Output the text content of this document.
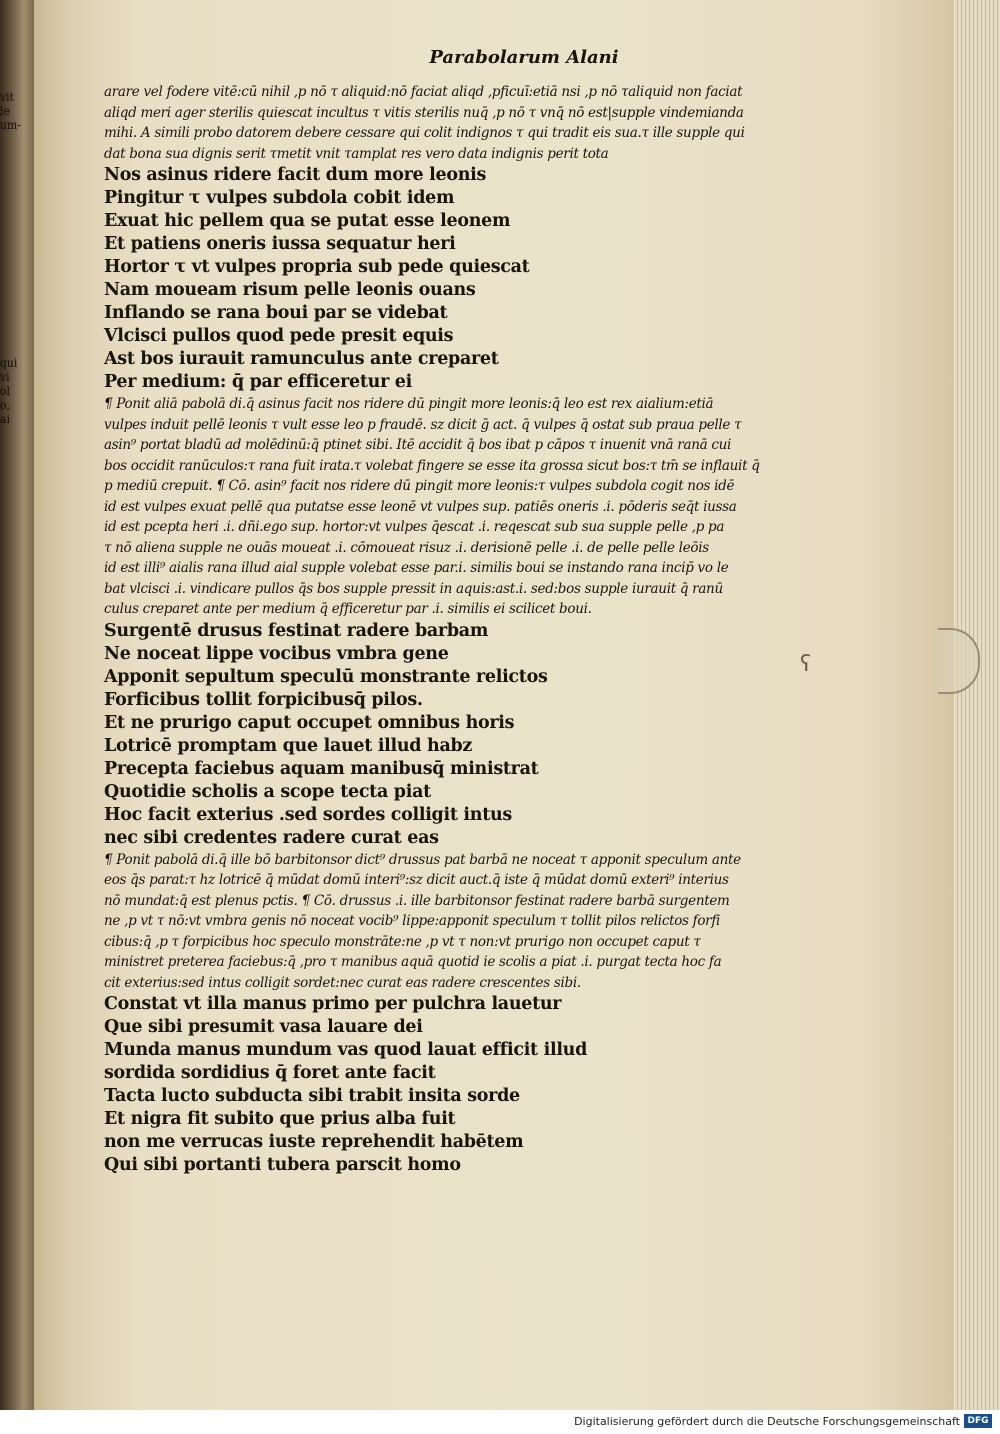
vit
le
um-
qui
vi
ol
o,
ai
ʕ
Parabolarum Alani
arare vel fodere vitē:cū nihil ,p nō τ aliquid:nō faciat aliqd ,pficuī:etiā nsi ,p nō τaliquid non faciat
aliqd meri ager sterilis quiescat incultus τ vitis sterilis nuq̄ ,p nō τ vnq̄ nō est|supple vindemianda
mihi. A simili probo datorem debere cessare qui colit indignos τ qui tradit eis sua.τ ille supple qui
dat bona sua dignis serit τmetit vnit τamplat res vero data indignis perit tota
Nos asinus ridere facit dum more leonis
Pingitur τ vulpes subdola cobit idem
Exuat hic pellem qua se putat esse leonem
Et patiens oneris iussa sequatur heri
Hortor τ vt vulpes propria sub pede quiescat
Nam moueam risum pelle leonis ouans
Inflando se rana boui par se videbat
Vlcisci pullos quod pede presit equis
Ast bos iurauit ramunculus ante creparet
Per medium: q̄ par efficeretur ei
¶ Ponit aliā pabolā di.q̄ asinus facit nos ridere dū pingit more leonis:q̄ leo est rex aialium:etiā
vulpes induit pellē leonis τ vult esse leo p fraudē. sz dicit ḡ act. q̄ vulpes q̄ ostat sub praua pelle τ
asin⁹ portat bladū ad molēdinū:q̄ ptinet sibi. Itē accidit q̄ bos ibat p cāpos τ inuenit vnā ranā cui
bos occidit ranūculos:τ rana fuit irata.τ volebat fingere se esse ita grossa sicut bos:τ tm̄ se inflauit q̄
p mediū crepuit. ¶ Cō. asin⁹ facit nos ridere dū pingit more leonis:τ vulpes subdola cogit nos idē
id est vulpes exuat pellē qua putatse esse leonē vt vulpes sup. patiēs oneris .i. pōderis seq̄t iussa
id est pcepta heri .i. dñi.ego sup. hortor:vt vulpes q̄escat .i. reqescat sub sua supple pelle ,p pa
τ nō aliena supple ne ouās moueat .i. cōmoueat risuz .i. derisionē pelle .i. de pelle pelle leōis
id est illi⁹ aialis rana illud aial supple volebat esse par.i. similis boui se instando rana incip̄ vo le
bat vlcisci .i. vindicare pullos q̄s bos supple pressit in aquis:ast.i. sed:bos supple iurauit q̄ ranū
culus creparet ante per medium q̄ efficeretur par .i. similis ei scilicet boui.
Surgentē drusus festinat radere barbam
Ne noceat lippe vocibus vmbra gene
Apponit sepultum speculū monstrante relictos
Forficibus tollit forpicibusq̄ pilos.
Et ne prurigo caput occupet omnibus horis
Lotricē promptam que lauet illud habz
Precepta faciebus aquam manibusq̄ ministrat
Quotidie scholis a scope tecta piat
Hoc facit exterius .sed sordes colligit intus
nec sibi credentes radere curat eas
¶ Ponit pabolā di.q̄ ille bō barbitonsor dict⁹ drussus pat barbā ne noceat τ apponit speculum ante
eos q̄s parat:τ hz lotricē q̄ mūdat domū interi⁹:sz dicit auct.q̄ iste q̄ mūdat domū exteri⁹ interius
nō mundat:q̄ est plenus pctis. ¶ Cō. drussus .i. ille barbitonsor festinat radere barbā surgentem
ne ,p vt τ nō:vt vmbra genis nō noceat vocib⁹ lippe:apponit speculum τ tollit pilos relictos forfi
cibus:q̄ ,p τ forpicibus hoc speculo monstrāte:ne ,p vt τ non:vt prurigo non occupet caput τ
ministret preterea faciebus:q̄ ,pro τ manibus aquā quotid ie scolis a piat .i. purgat tecta hoc fa
cit exterius:sed intus colligit sordet:nec curat eas radere crescentes sibi.
Constat vt illa manus primo per pulchra lauetur
Que sibi presumit vasa lauare dei
Munda manus mundum vas quod lauat efficit illud
sordida sordidius q̄ foret ante facit
Tacta lucto subducta sibi trabit insita sorde
Et nigra fit subito que prius alba fuit
non me verrucas iuste reprehendit habētem
Qui sibi portanti tubera parscit homo
Digitalisierung gefördert durch die Deutsche Forschungsgemeinschaft DFG
